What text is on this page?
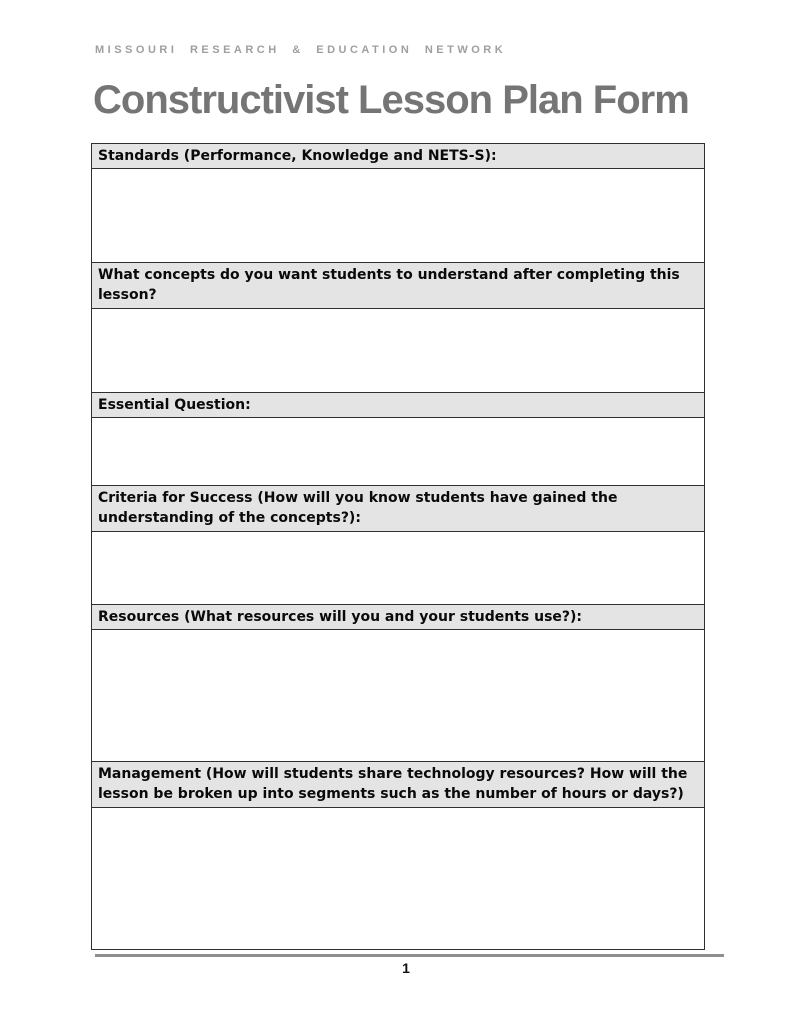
MISSOURI RESEARCH & EDUCATION NETWORK
Constructivist Lesson Plan Form
Standards (Performance, Knowledge and NETS-S):
What concepts do you want students to understand after completing this lesson?
Essential Question:
Criteria for Success (How will you know students have gained the understanding of the concepts?):
Resources (What resources will you and your students use?):
Management (How will students share technology resources? How will the lesson be broken up into segments such as the number of hours or days?)
1
